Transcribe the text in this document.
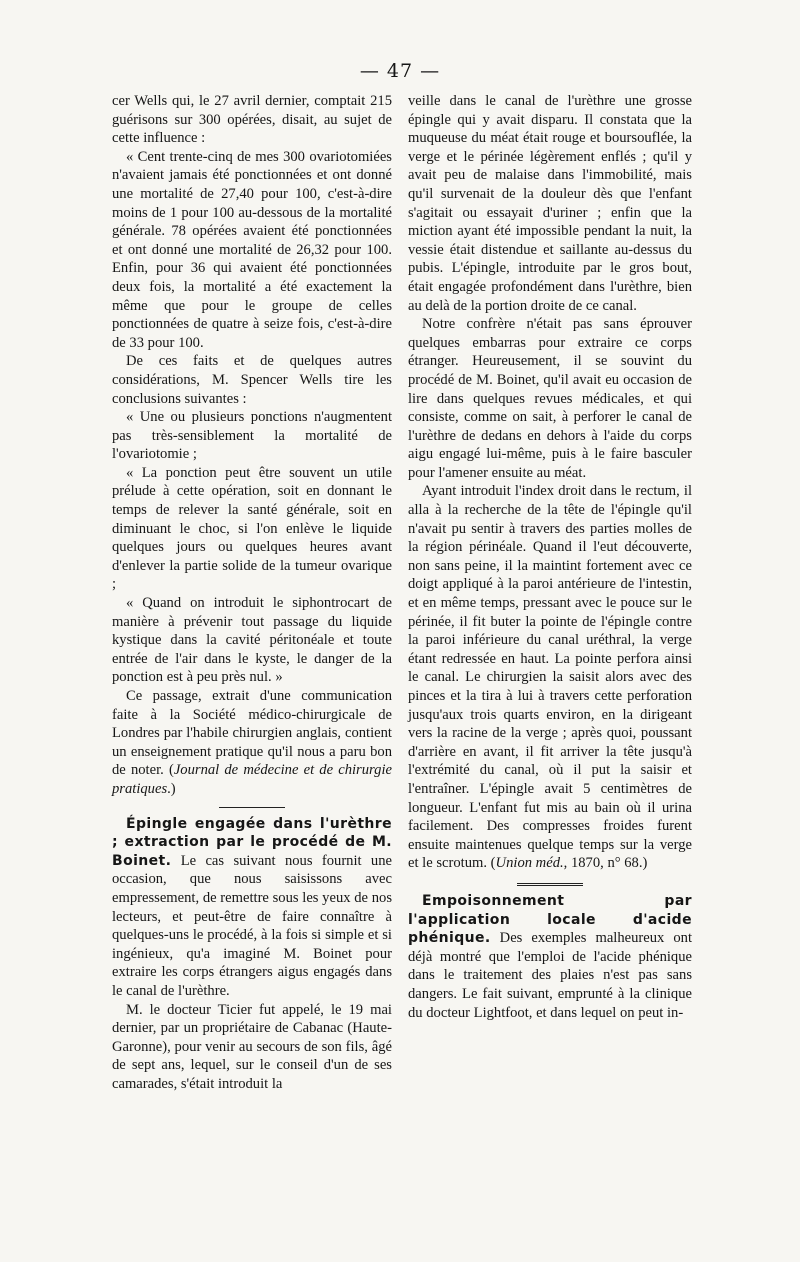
— 47 —

cer Wells qui, le 27 avril dernier, comptait 215 guérisons sur 300 opérées, disait, au sujet de cette influence :

« Cent trente-cinq de mes 300 ovariotomiées n'avaient jamais été ponctionnées et ont donné une mortalité de 27,40 pour 100, c'est-à-dire moins de 1 pour 100 au-dessous de la mortalité générale. 78 opérées avaient été ponctionnées et ont donné une mortalité de 26,32 pour 100. Enfin, pour 36 qui avaient été ponctionnées deux fois, la mortalité a été exactement la même que pour le groupe de celles ponctionnées de quatre à seize fois, c'est-à-dire de 33 pour 100.

De ces faits et de quelques autres considérations, M. Spencer Wells tire les conclusions suivantes :

« Une ou plusieurs ponctions n'augmentent pas très-sensiblement la mortalité de l'ovariotomie ;

« La ponction peut être souvent un utile prélude à cette opération, soit en donnant le temps de relever la santé générale, soit en diminuant le choc, si l'on enlève le liquide quelques jours ou quelques heures avant d'enlever la partie solide de la tumeur ovarique ;

« Quand on introduit le siphontrocart de manière à prévenir tout passage du liquide kystique dans la cavité péritonéale et toute entrée de l'air dans le kyste, le danger de la ponction est à peu près nul. »

Ce passage, extrait d'une communication faite à la Société médico-chirurgicale de Londres par l'habile chirurgien anglais, contient un enseignement pratique qu'il nous a paru bon de noter. (Journal de médecine et de chirurgie pratiques.)

Épingle engagée dans l'urèthre ; extraction par le procédé de M. Boinet. Le cas suivant nous fournit une occasion, que nous saisissons avec empressement, de remettre sous les yeux de nos lecteurs, et peut-être de faire connaître à quelques-uns le procédé, à la fois si simple et si ingénieux, qu'a imaginé M. Boinet pour extraire les corps étrangers aigus engagés dans le canal de l'urèthre.

M. le docteur Ticier fut appelé, le 19 mai dernier, par un propriétaire de Cabanac (Haute-Garonne), pour venir au secours de son fils, âgé de sept ans, lequel, sur le conseil d'un de ses camarades, s'était introduit la

veille dans le canal de l'urèthre une grosse épingle qui y avait disparu. Il constata que la muqueuse du méat était rouge et boursouflée, la verge et le périnée légèrement enflés ; qu'il y avait peu de malaise dans l'immobilité, mais qu'il survenait de la douleur dès que l'enfant s'agitait ou essayait d'uriner ; enfin que la miction ayant été impossible pendant la nuit, la vessie était distendue et saillante au-dessus du pubis. L'épingle, introduite par le gros bout, était engagée profondément dans l'urèthre, bien au delà de la portion droite de ce canal.

Notre confrère n'était pas sans éprouver quelques embarras pour extraire ce corps étranger. Heureusement, il se souvint du procédé de M. Boinet, qu'il avait eu occasion de lire dans quelques revues médicales, et qui consiste, comme on sait, à perforer le canal de l'urèthre de dedans en dehors à l'aide du corps aigu engagé lui-même, puis à le faire basculer pour l'amener ensuite au méat.

Ayant introduit l'index droit dans le rectum, il alla à la recherche de la tête de l'épingle qu'il n'avait pu sentir à travers des parties molles de la région périnéale. Quand il l'eut découverte, non sans peine, il la maintint fortement avec ce doigt appliqué à la paroi antérieure de l'intestin, et en même temps, pressant avec le pouce sur le périnée, il fit buter la pointe de l'épingle contre la paroi inférieure du canal uréthral, la verge étant redressée en haut. La pointe perfora ainsi le canal. Le chirurgien la saisit alors avec des pinces et la tira à lui à travers cette perforation jusqu'aux trois quarts environ, en la dirigeant vers la racine de la verge ; après quoi, poussant d'arrière en avant, il fit arriver la tête jusqu'à l'extrémité du canal, où il put la saisir et l'entraîner. L'épingle avait 5 centimètres de longueur. L'enfant fut mis au bain où il urina facilement. Des compresses froides furent ensuite maintenues quelque temps sur la verge et le scrotum. (Union méd., 1870, n° 68.)

Empoisonnement par l'application locale d'acide phénique. Des exemples malheureux ont déjà montré que l'emploi de l'acide phénique dans le traitement des plaies n'est pas sans dangers. Le fait suivant, emprunté à la clinique du docteur Lightfoot, et dans lequel on peut in-
